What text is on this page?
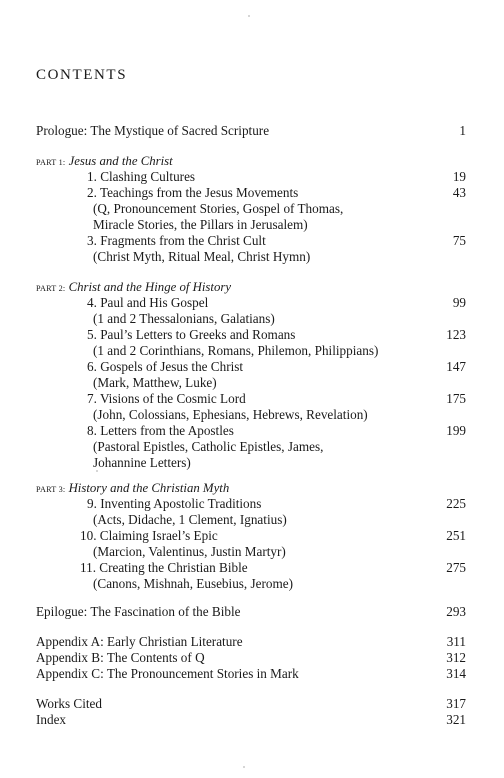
CONTENTS
Prologue: The Mystique of Sacred Scripture	1
PART 1: Jesus and the Christ
1. Clashing Cultures	19
2. Teachings from the Jesus Movements	43
(Q, Pronouncement Stories, Gospel of Thomas,
Miracle Stories, the Pillars in Jerusalem)
3. Fragments from the Christ Cult	75
(Christ Myth, Ritual Meal, Christ Hymn)
PART 2: Christ and the Hinge of History
4. Paul and His Gospel	99
(1 and 2 Thessalonians, Galatians)
5. Paul’s Letters to Greeks and Romans	123
(1 and 2 Corinthians, Romans, Philemon, Philippians)
6. Gospels of Jesus the Christ	147
(Mark, Matthew, Luke)
7. Visions of the Cosmic Lord	175
(John, Colossians, Ephesians, Hebrews, Revelation)
8. Letters from the Apostles	199
(Pastoral Epistles, Catholic Epistles, James,
Johannine Letters)
PART 3: History and the Christian Myth
9. Inventing Apostolic Traditions	225
(Acts, Didache, 1 Clement, Ignatius)
10. Claiming Israel’s Epic	251
(Marcion, Valentinus, Justin Martyr)
11. Creating the Christian Bible	275
(Canons, Mishnah, Eusebius, Jerome)
Epilogue: The Fascination of the Bible	293
Appendix A: Early Christian Literature	311
Appendix B: The Contents of Q	312
Appendix C: The Pronouncement Stories in Mark	314
Works Cited	317
Index	321
